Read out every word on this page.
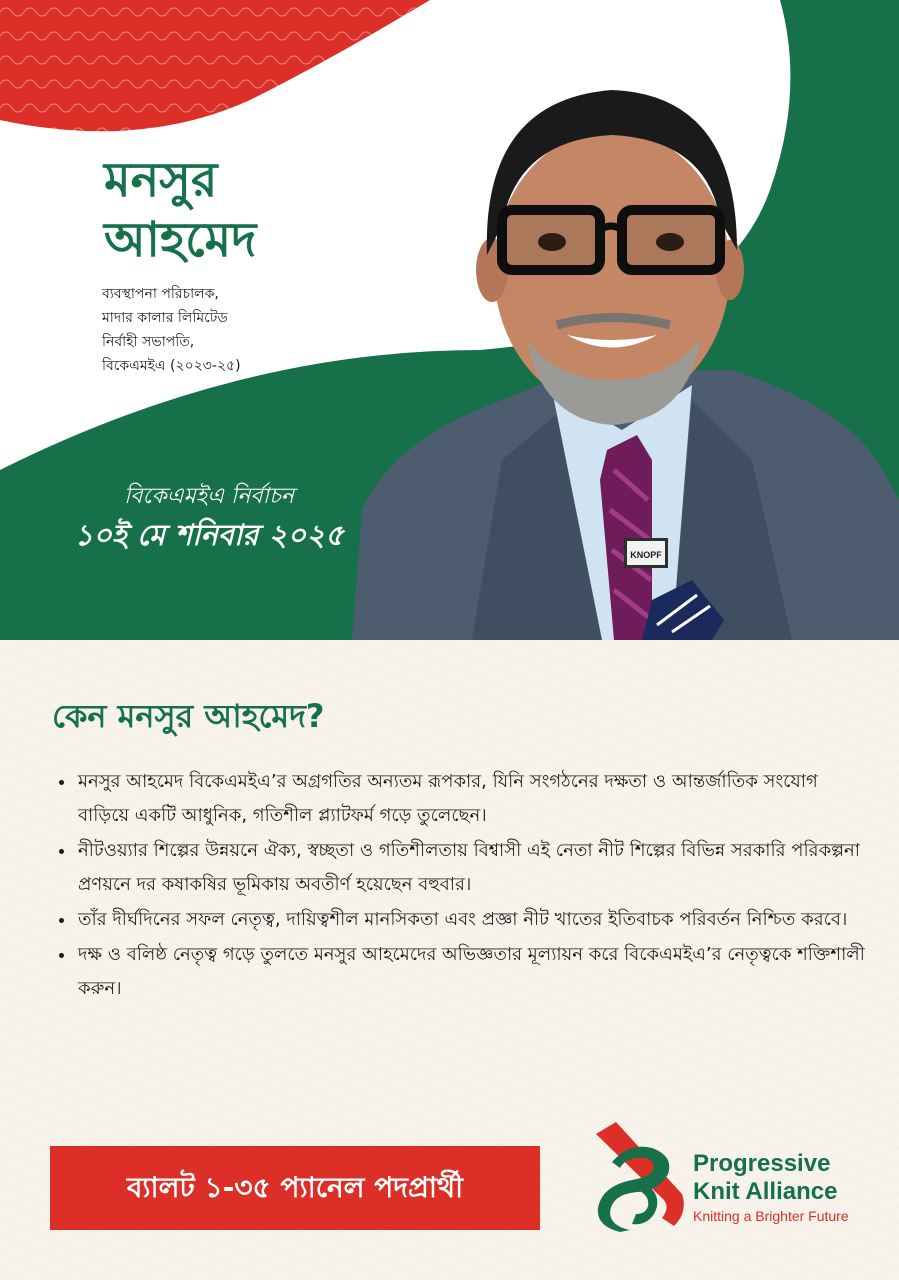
মনসুর
আহমেদ
ব্যবস্থাপনা পরিচালক,
মাদার কালার লিমিটেড
নির্বাহী সভাপতি,
বিকেএমইএ (২০২৩-২৫)
বিকেএমইএ নির্বাচন
১০ই মে শনিবার ২০২৫
KNOPF
কেন মনসুর আহমেদ?
• মনসুর আহমেদ বিকেএমইএ’র অগ্রগতির অন্যতম রূপকার, যিনি সংগঠনের দক্ষতা ও আন্তর্জাতিক সংযোগ বাড়িয়ে একটি আধুনিক, গতিশীল প্ল্যাটফর্ম গড়ে তুলেছেন।
• নীটওয়্যার শিল্পের উন্নয়নে ঐক্য, স্বচ্ছতা ও গতিশীলতায় বিশ্বাসী এই নেতা নীট শিল্পের বিভিন্ন সরকারি পরিকল্পনা প্রণয়নে দর কষাকষির ভূমিকায় অবতীর্ণ হয়েছেন বহুবার।
• তাঁর দীর্ঘদিনের সফল নেতৃত্ব, দায়িত্বশীল মানসিকতা এবং প্রজ্ঞা নীট খাতের ইতিবাচক পরিবর্তন নিশ্চিত করবে।
• দক্ষ ও বলিষ্ঠ নেতৃত্ব গড়ে তুলতে মনসুর আহমেদের অভিজ্ঞতার মূল্যায়ন করে বিকেএমইএ’র নেতৃত্বকে শক্তিশালী করুন।
ব্যালট ১-৩৫ প্যানেল পদপ্রার্থী
Progressive
Knit Alliance
Knitting a Brighter Future
